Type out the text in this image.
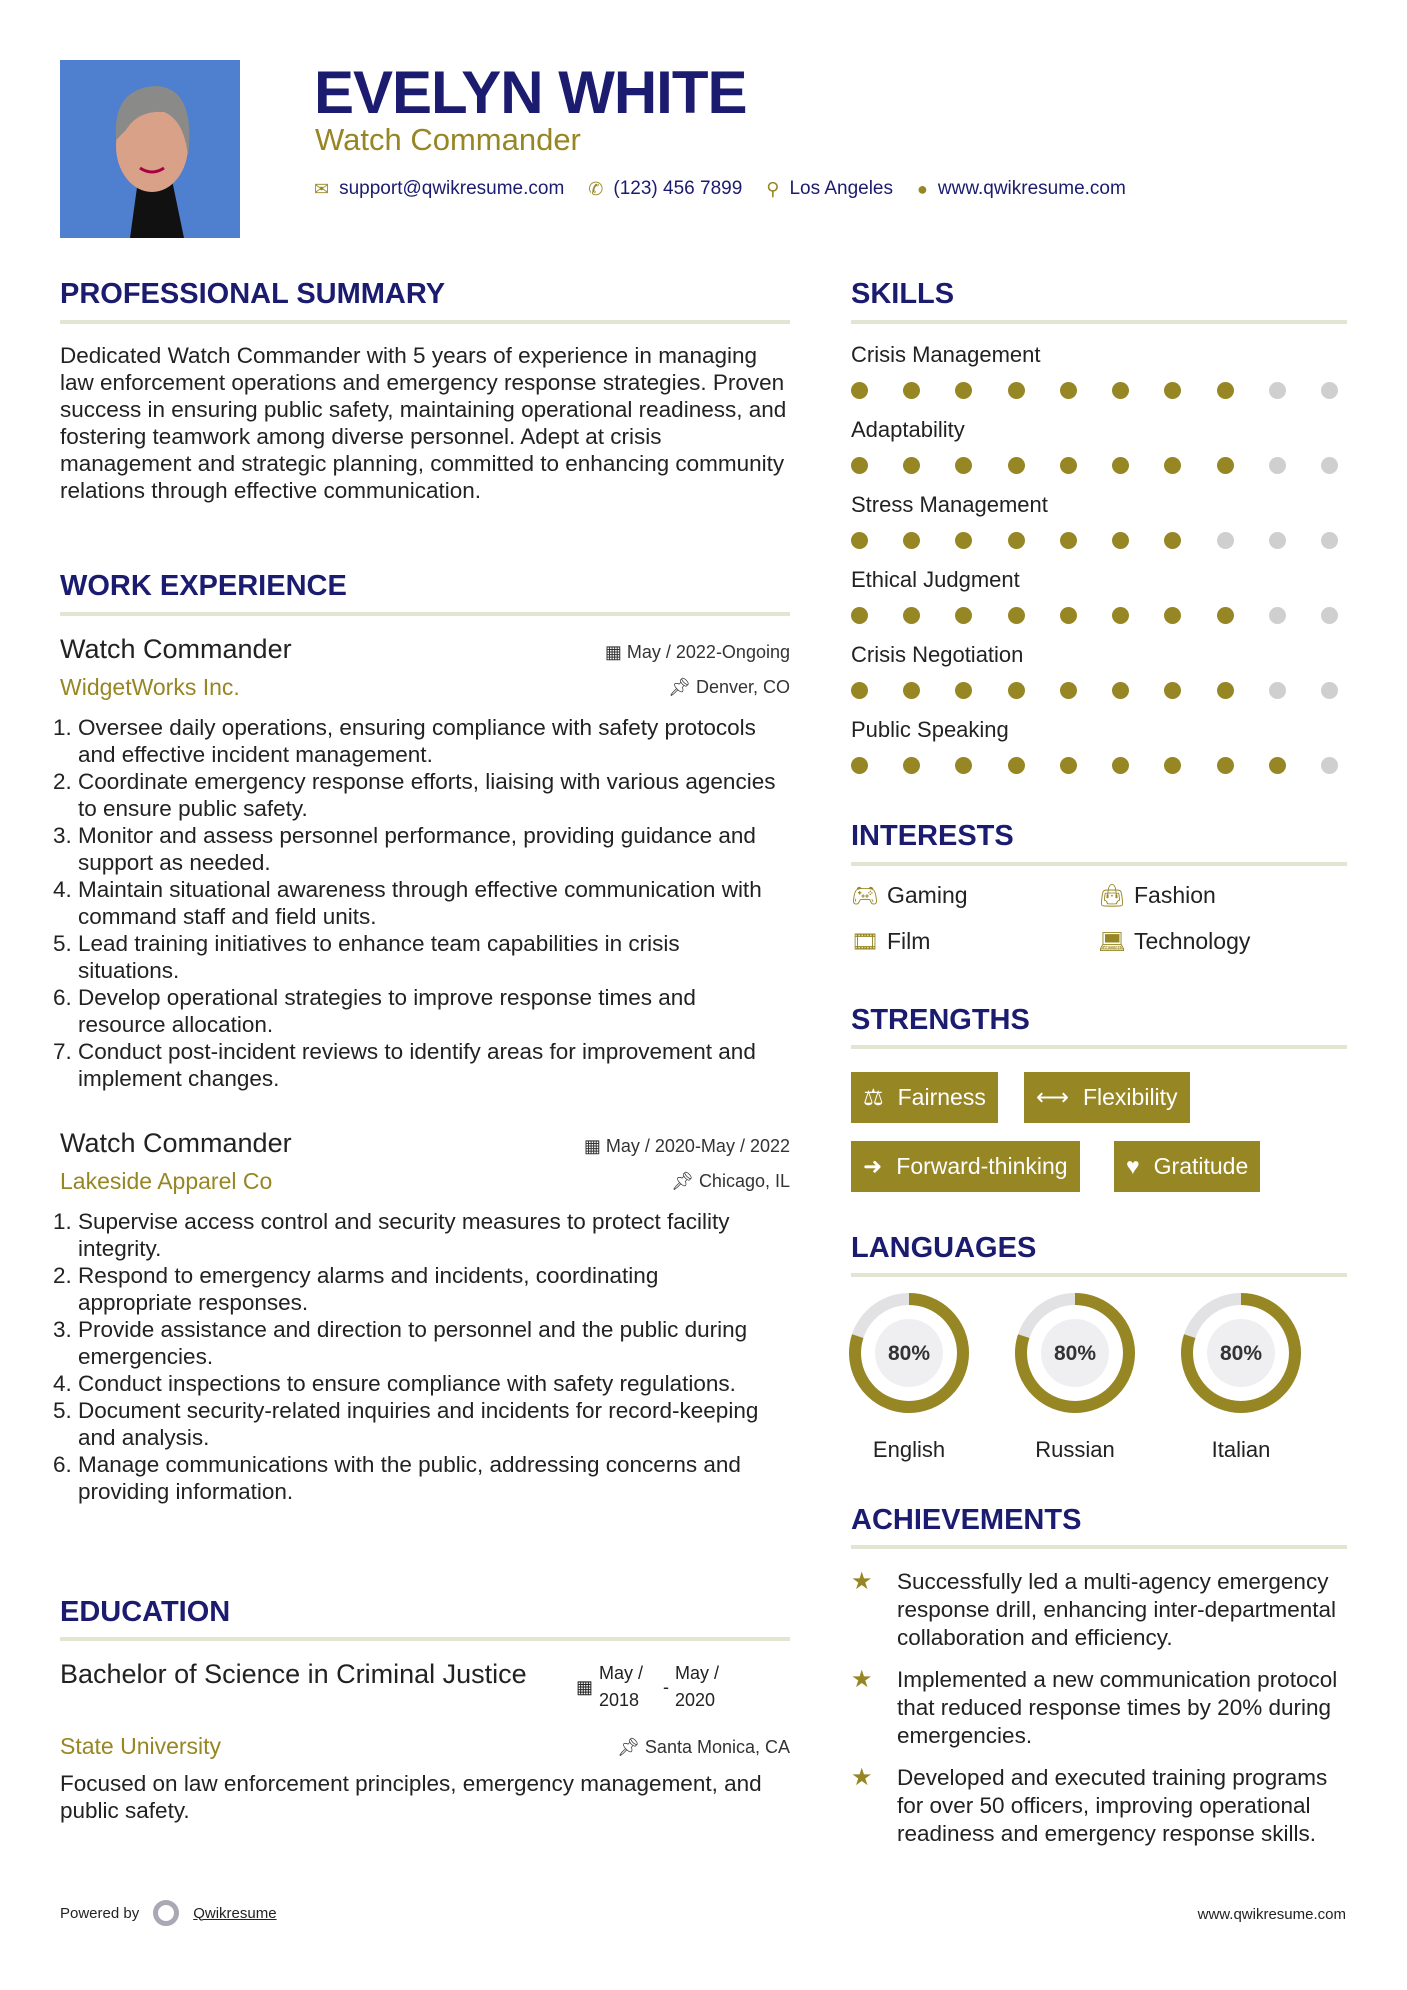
EVELYN WHITE
Watch Commander
✉ support@qwikresume.com ✆ (123) 456 7899 ⚲ Los Angeles ● www.qwikresume.com
PROFESSIONAL SUMMARY
Dedicated Watch Commander with 5 years of experience in managing law enforcement operations and emergency response strategies. Proven success in ensuring public safety, maintaining operational readiness, and fostering teamwork among diverse personnel. Adept at crisis management and strategic planning, committed to enhancing community relations through effective communication.
WORK EXPERIENCE
Watch Commander	▦ May / 2022-Ongoing
WidgetWorks Inc.	📌︎ Denver, CO
1. Oversee daily operations, ensuring compliance with safety protocols and effective incident management.
2. Coordinate emergency response efforts, liaising with various agencies to ensure public safety.
3. Monitor and assess personnel performance, providing guidance and support as needed.
4. Maintain situational awareness through effective communication with command staff and field units.
5. Lead training initiatives to enhance team capabilities in crisis situations.
6. Develop operational strategies to improve response times and resource allocation.
7. Conduct post-incident reviews to identify areas for improvement and implement changes.
Watch Commander	▦ May / 2020-May / 2022
Lakeside Apparel Co	📌︎ Chicago, IL
1. Supervise access control and security measures to protect facility integrity.
2. Respond to emergency alarms and incidents, coordinating appropriate responses.
3. Provide assistance and direction to personnel and the public during emergencies.
4. Conduct inspections to ensure compliance with safety regulations.
5. Document security-related inquiries and incidents for record-keeping and analysis.
6. Manage communications with the public, addressing concerns and providing information.
EDUCATION
Bachelor of Science in Criminal Justice	▦
May / 2018
-
May / 2020
State University	📌︎ Santa Monica, CA
Focused on law enforcement principles, emergency management, and public safety.
Powered by	Qwikresume	www.qwikresume.com
SKILLS
Crisis Management
Adaptability
Stress Management
Ethical Judgment
Crisis Negotiation
Public Speaking
INTERESTS
🎮︎ Gaming	👜︎ Fashion
🎞︎ Film	💻︎ Technology
STRENGTHS
⚖ Fairness ⟷ Flexibility
➜ Forward-thinking	♥ Gratitude
LANGUAGES
80%
English
80%
Russian
80%
Italian
ACHIEVEMENTS
★	Successfully led a multi-agency emergency response drill, enhancing inter-departmental collaboration and efficiency.
★	Implemented a new communication protocol that reduced response times by 20% during emergencies.
★	Developed and executed training programs for over 50 officers, improving operational readiness and emergency response skills.
